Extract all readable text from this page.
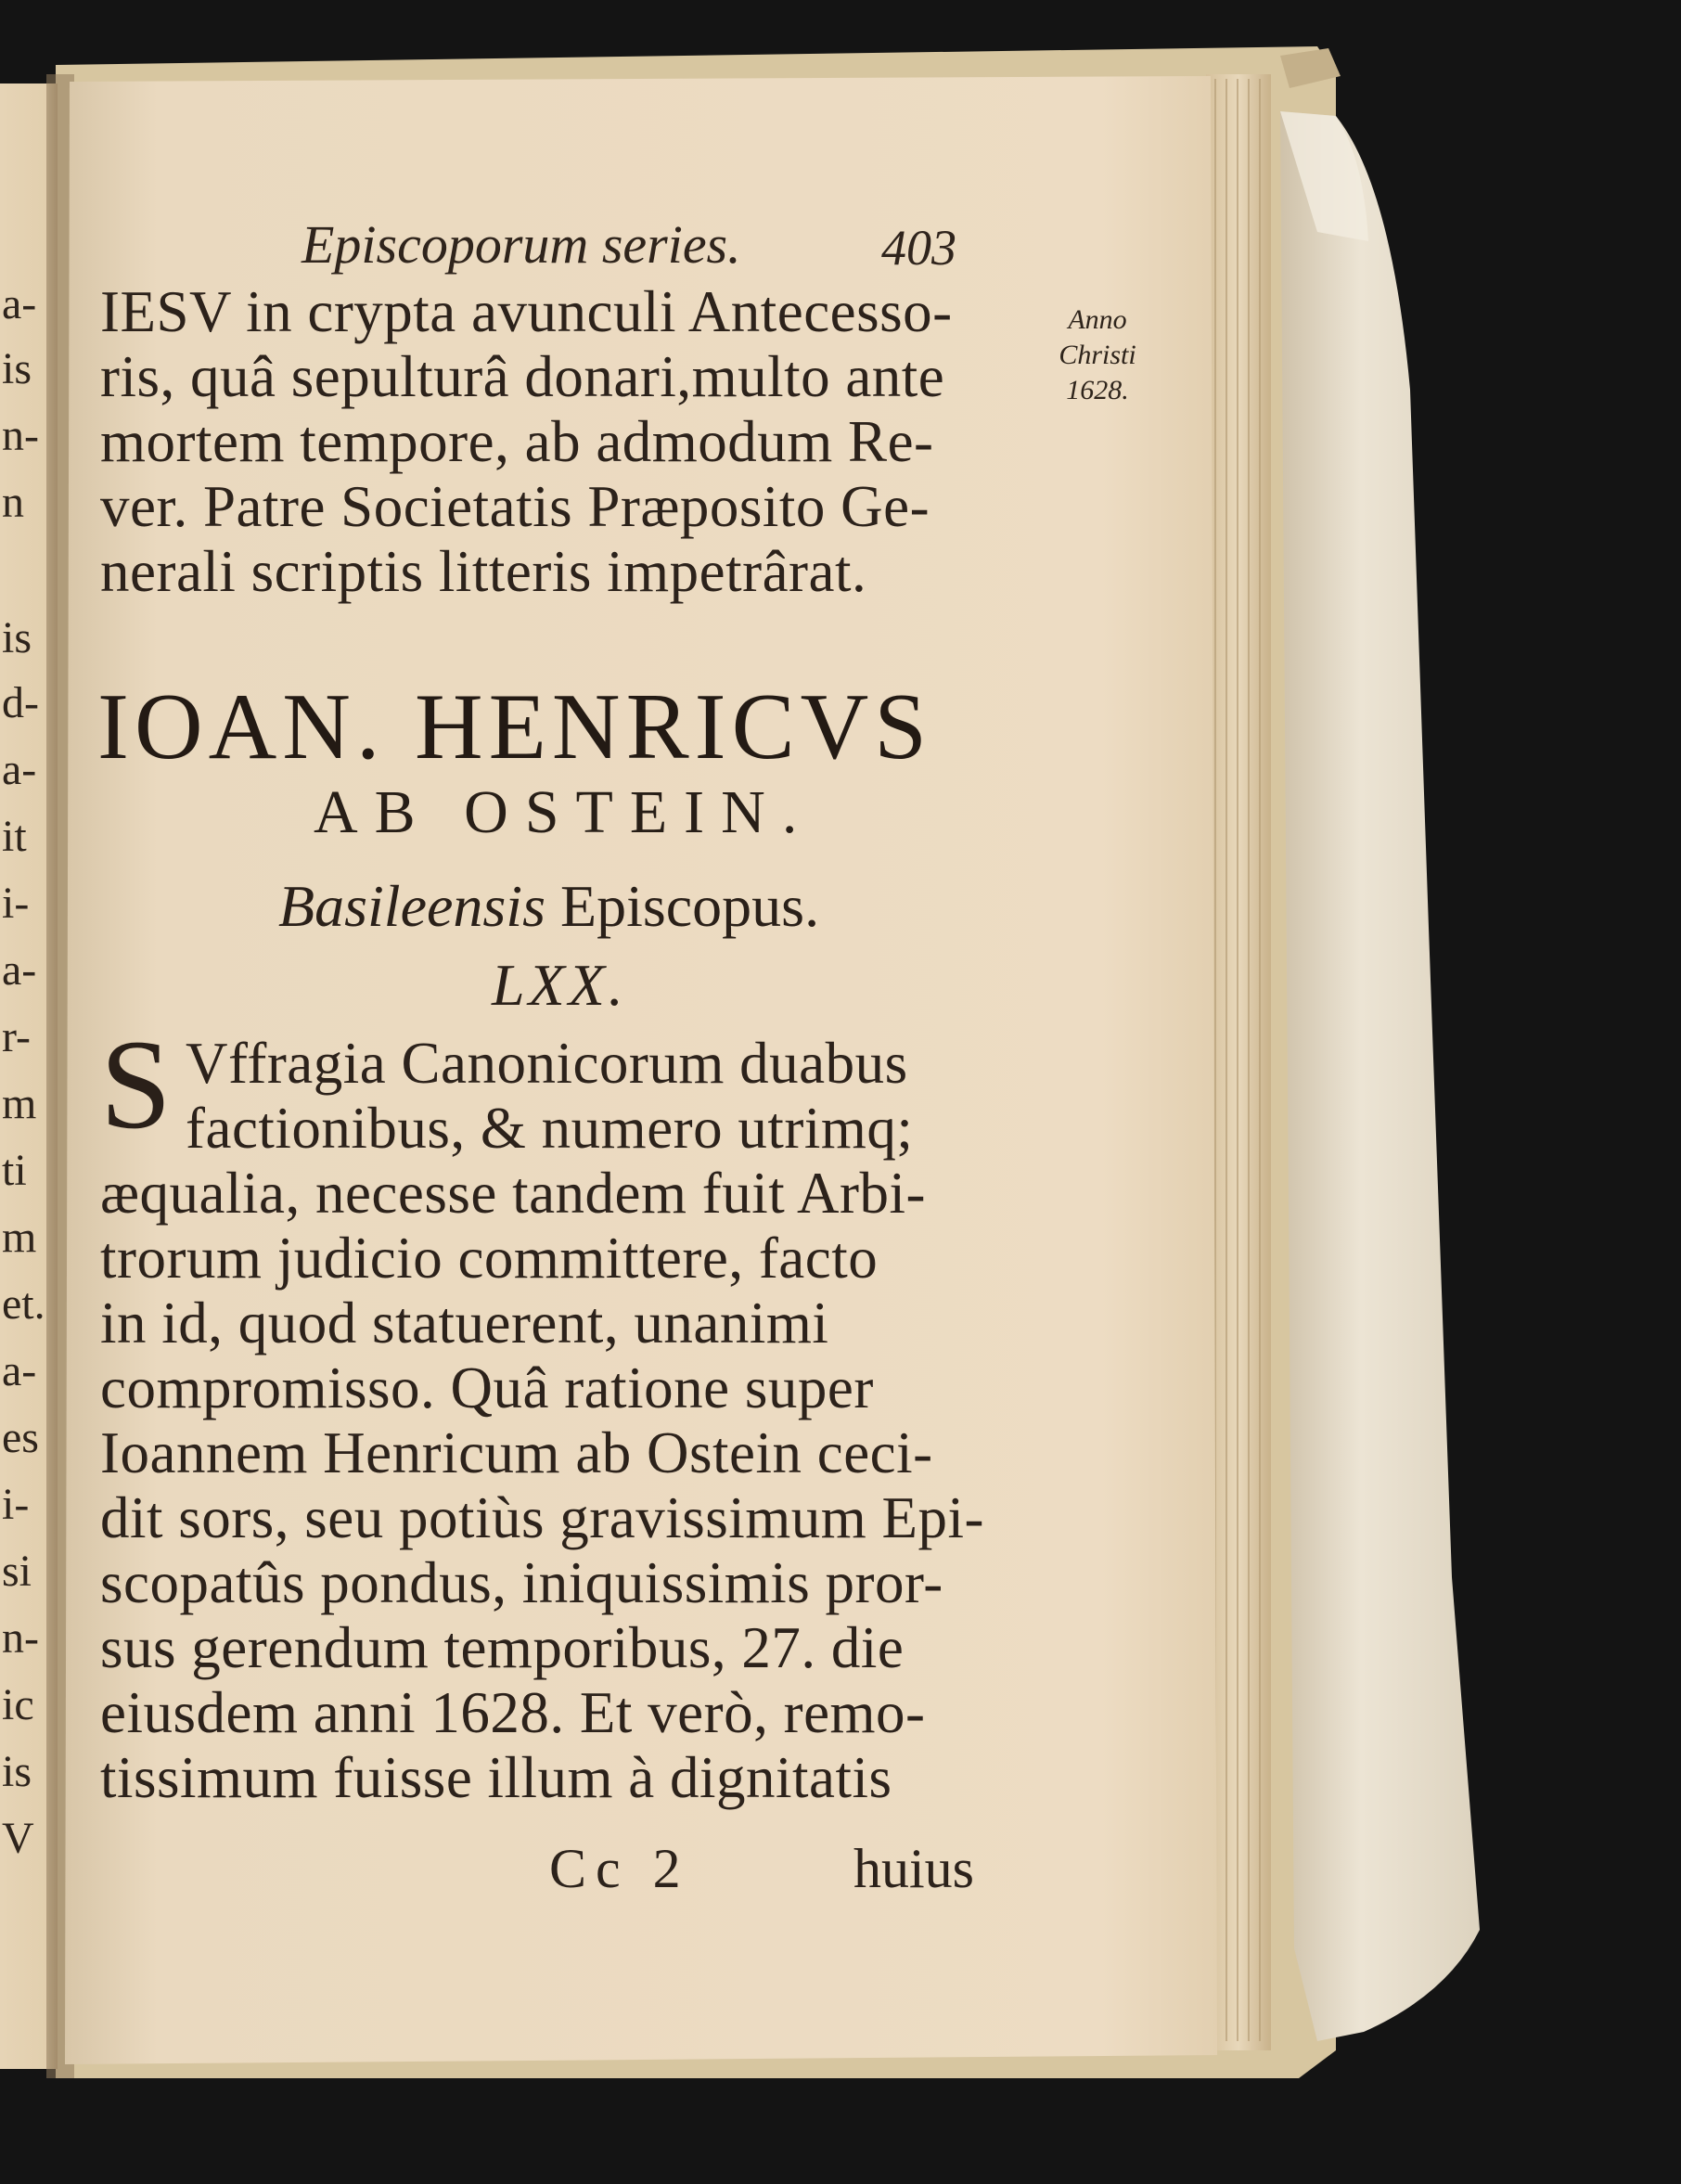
a-
is
n-
n
is
d-
a-
it
i-
a-
r-
m
ti
m
et.
a-
es
i-
si
n-
ic
is
V
Episcoporum series.	403
Anno
Christi
1628.
IESV in crypta avunculi Antecesso-
ris, quâ sepulturâ donari,multo ante
mortem tempore, ab admodum Re-
ver. Patre Societatis Præposito Ge-
nerali scriptis litteris impetrârat.
IOAN. HENRICVS
AB OSTEIN.
Basileensis Episcopus.
LXX.
S Vffragia Canonicorum duabus
factionibus, & numero utrimq;
æqualia, necesse tandem fuit Arbi-
trorum judicio committere, facto
in id, quod statuerent, unanimi
compromisso. Quâ ratione super
Ioannem Henricum ab Ostein ceci-
dit sors, seu potiùs gravissimum Epi-
scopatûs pondus, iniquissimis pror-
sus gerendum temporibus, 27. die
eiusdem anni 1628. Et verò, remo-
tissimum fuisse illum à dignitatis
Cc 2	huius
